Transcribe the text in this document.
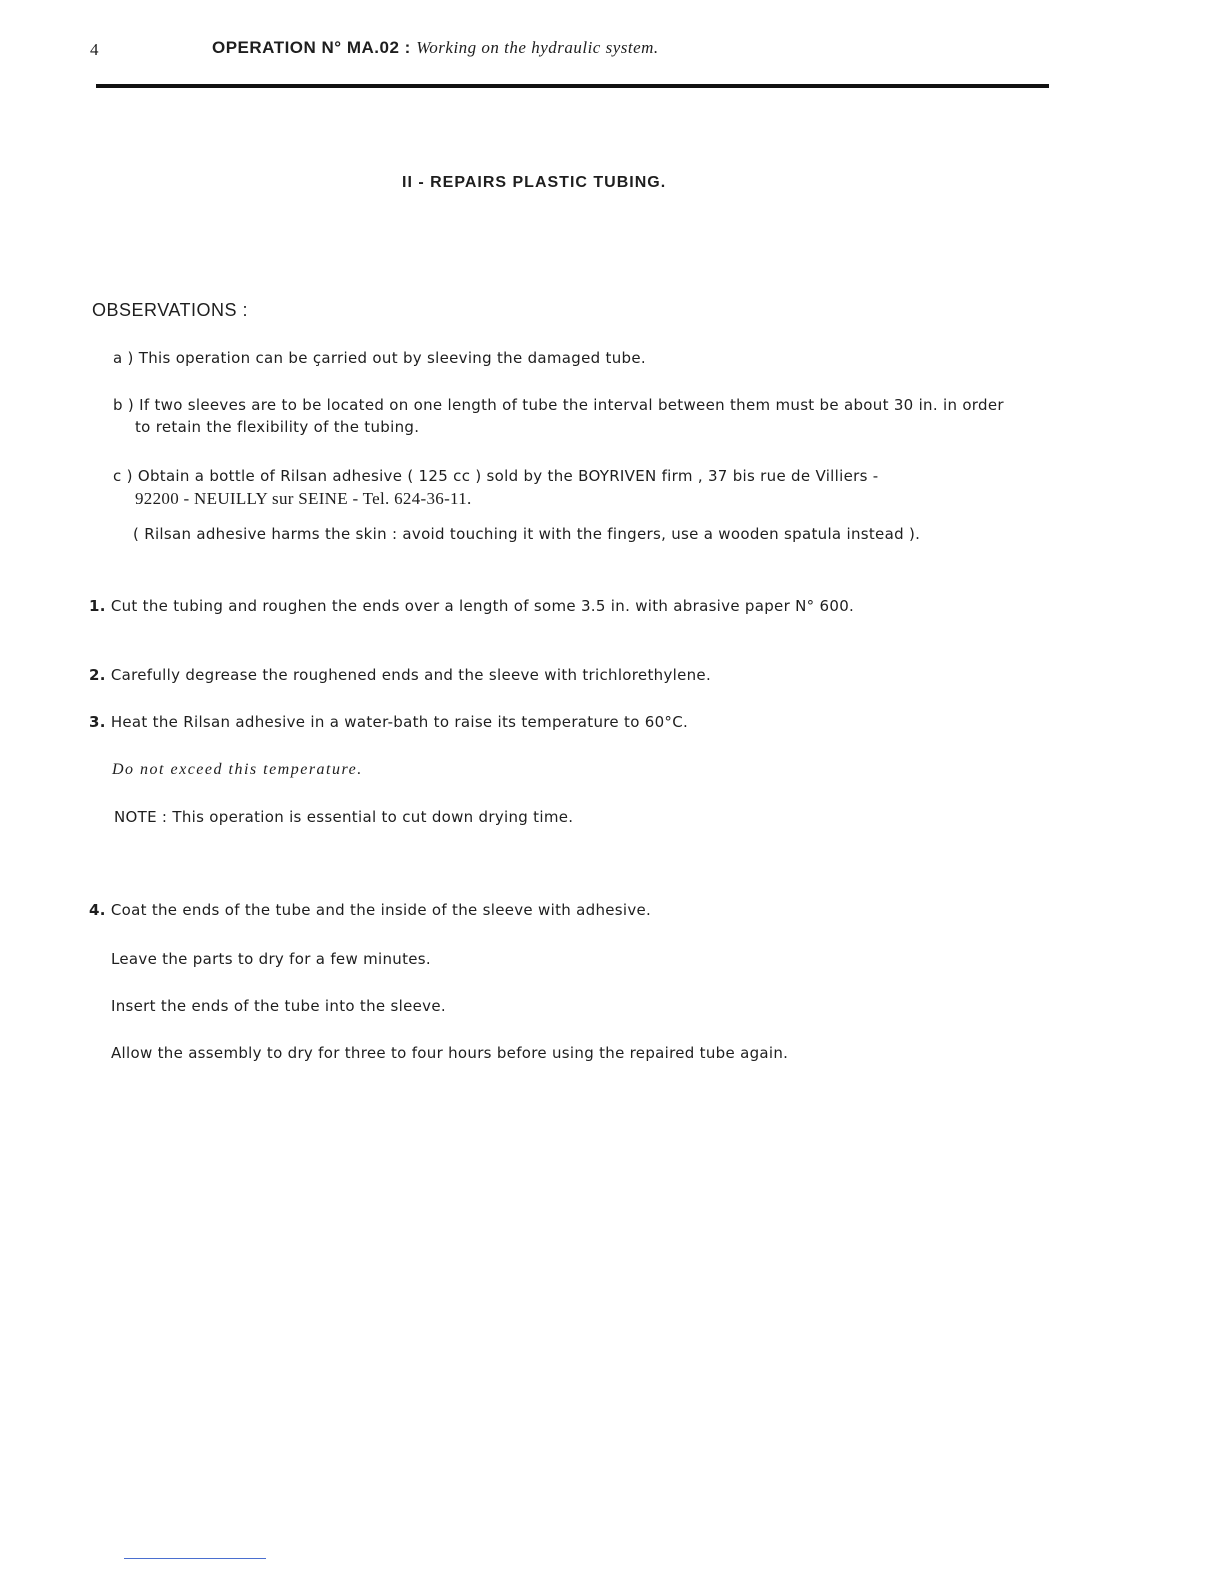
4	OPERATION N° MA.02 : Working on the hydraulic system.
II - REPAIRS PLASTIC TUBING.
OBSERVATIONS :
a ) This operation can be çarried out by sleeving the damaged tube.
b ) If two sleeves are to be located on one length of tube the interval between them must be about 30 in. in order
to retain the flexibility of the tubing.
c ) Obtain a bottle of Rilsan adhesive ( 125 cc ) sold by the BOYRIVEN firm , 37 bis rue de Villiers -
92200 - NEUILLY sur SEINE - Tel. 624-36-11.
( Rilsan adhesive harms the skin : avoid touching it with the fingers, use a wooden spatula instead ).
1. Cut the tubing and roughen the ends over a length of some 3.5 in. with abrasive paper N° 600.
2. Carefully degrease the roughened ends and the sleeve with trichlorethylene.
3. Heat the Rilsan adhesive in a water-bath to raise its temperature to 60°C.
Do not exceed this temperature.
NOTE : This operation is essential to cut down drying time.
4. Coat the ends of the tube and the inside of the sleeve with adhesive.
Leave the parts to dry for a few minutes.
Insert the ends of the tube into the sleeve.
Allow the assembly to dry for three to four hours before using the repaired tube again.
